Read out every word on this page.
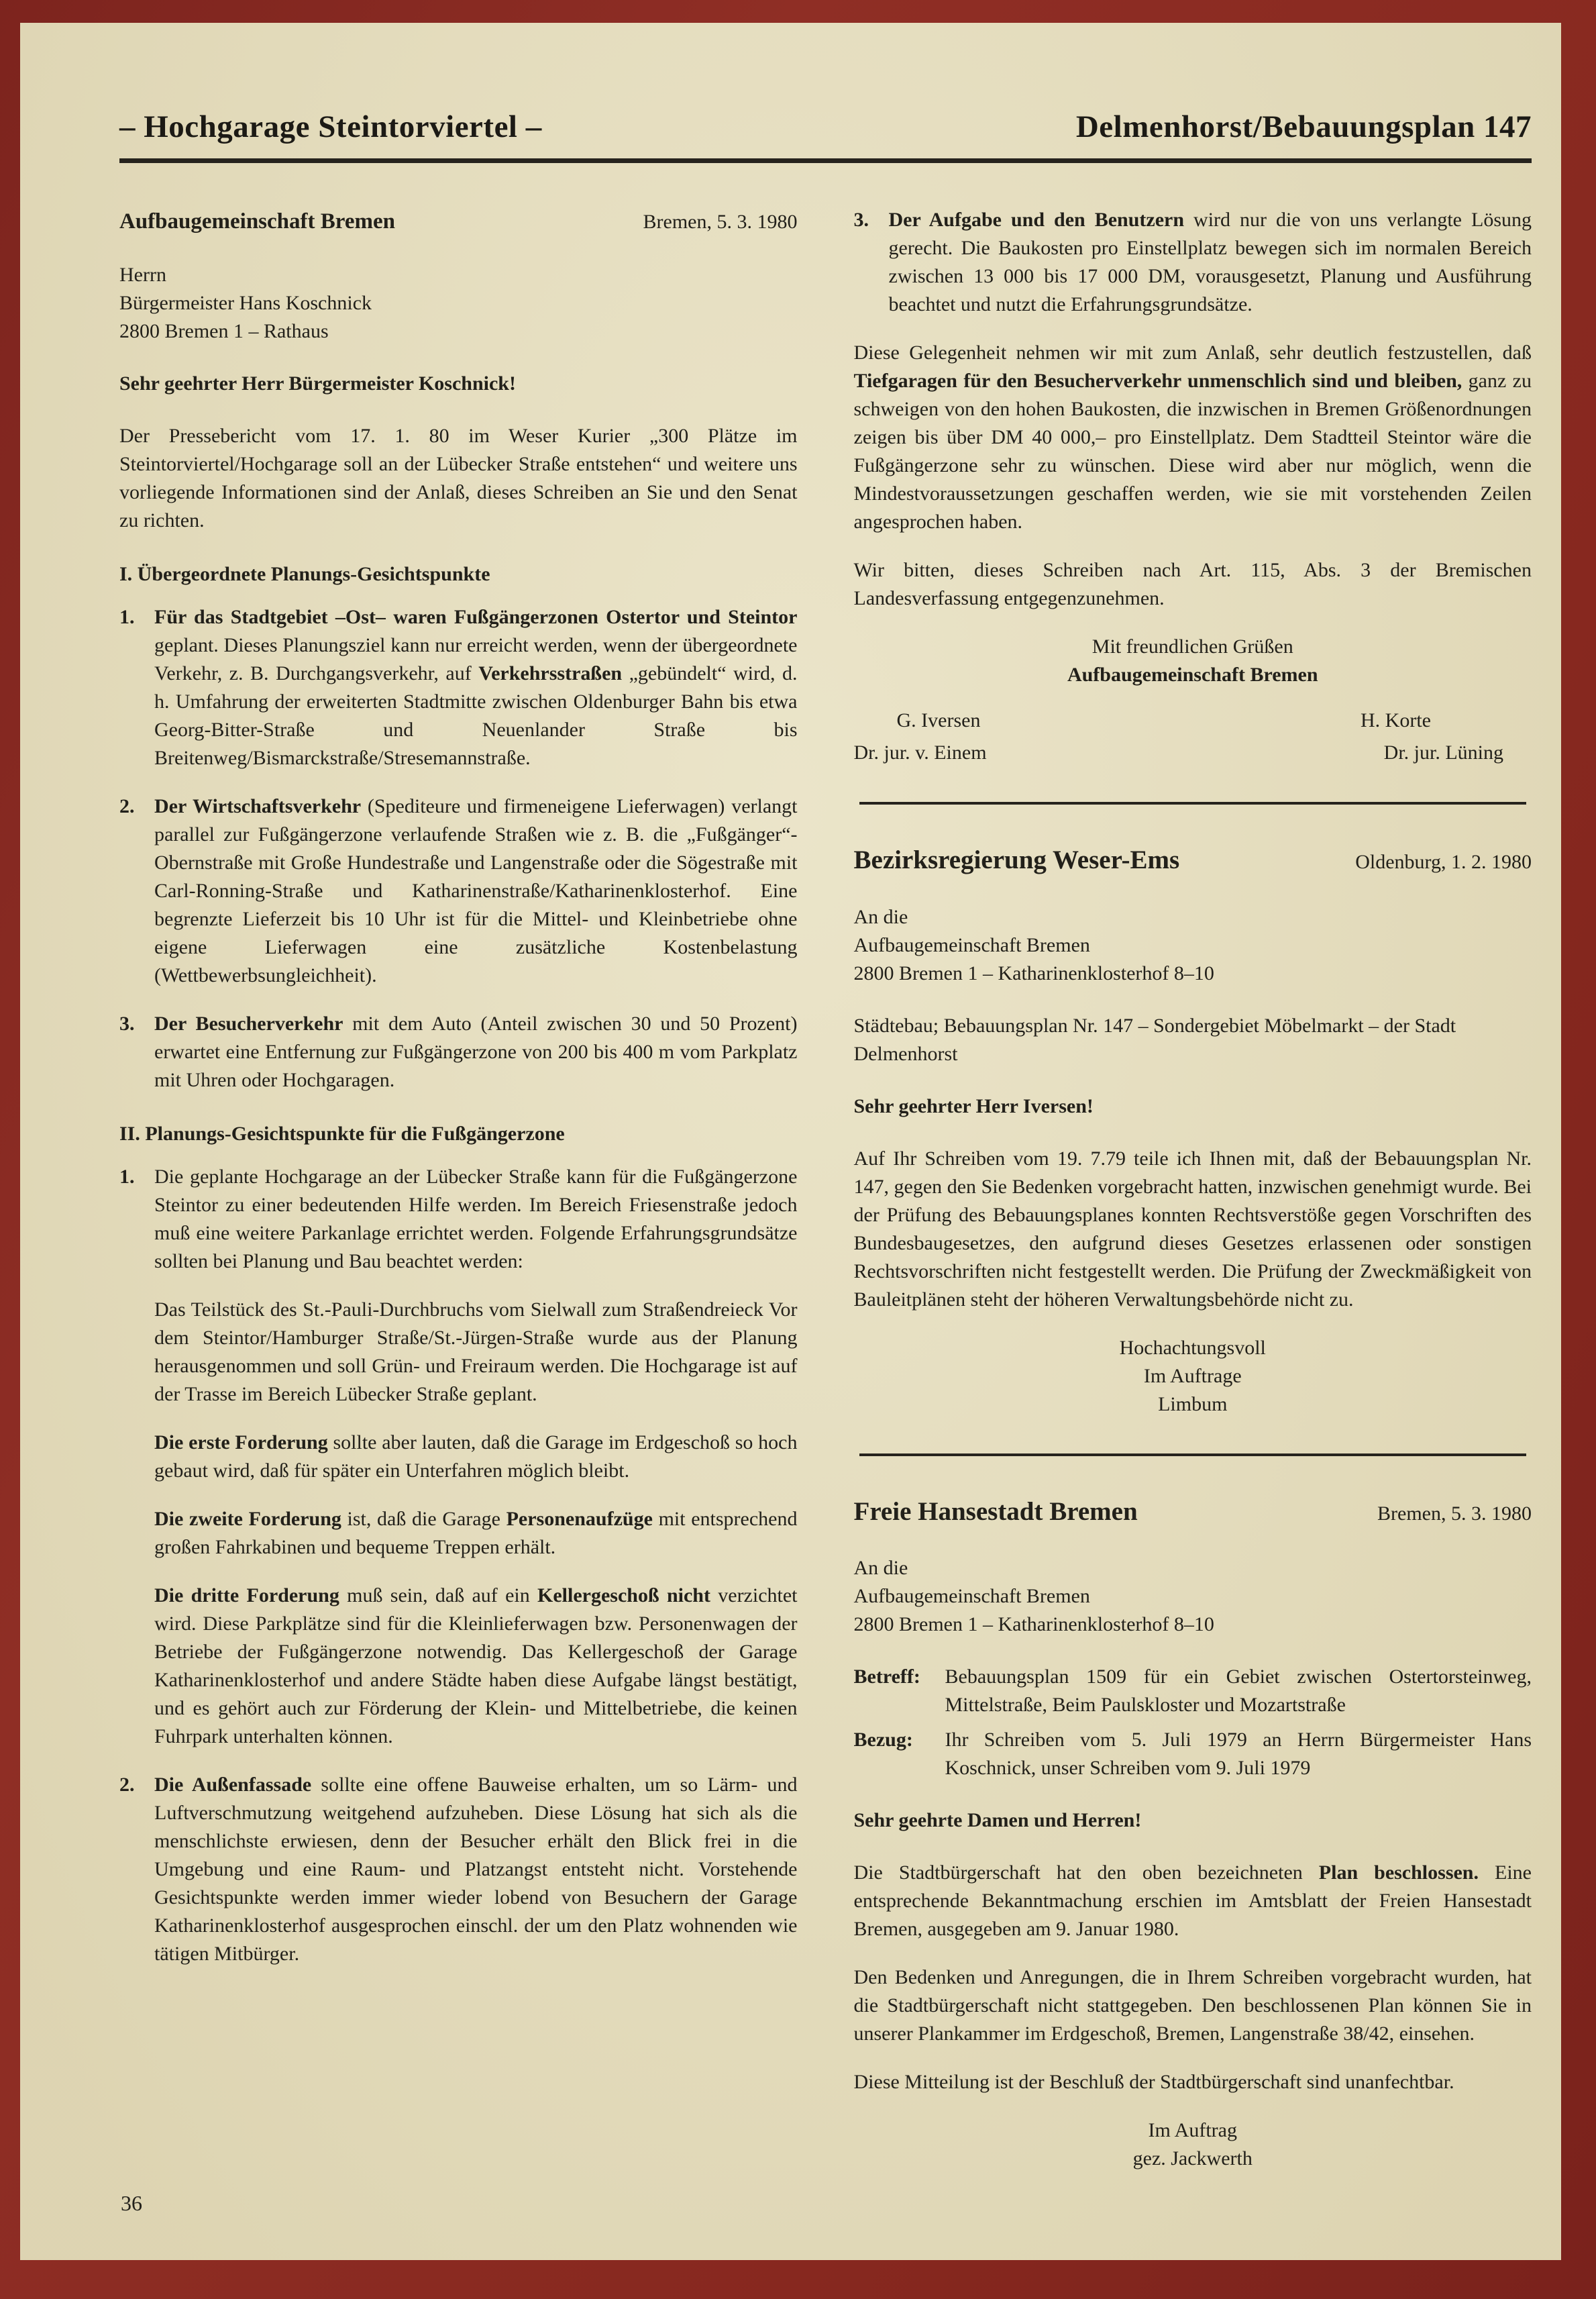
– Hochgarage Steintorviertel –	Delmenhorst/Bebauungsplan 147
Aufbaugemeinschaft Bremen	Bremen, 5. 3. 1980
Herrn
Bürgermeister Hans Koschnick
2800 Bremen 1 – Rathaus

Sehr geehrter Herr Bürgermeister Koschnick!

Der Pressebericht vom 17. 1. 80 im Weser Kurier „300 Plätze im Steintorviertel/Hochgarage soll an der Lübecker Straße entstehen“ und weitere uns vorliegende Informationen sind der Anlaß, dieses Schreiben an Sie und den Senat zu richten.

I. Übergeordnete Planungs-Gesichtspunkte

1. Für das Stadtgebiet –Ost– waren Fußgängerzonen Ostertor und Steintor geplant. Dieses Planungsziel kann nur erreicht werden, wenn der übergeordnete Verkehr, z. B. Durchgangsverkehr, auf Verkehrsstraßen „gebündelt“ wird, d. h. Umfahrung der erweiterten Stadtmitte zwischen Oldenburger Bahn bis etwa Georg-Bitter-Straße und Neuenlander Straße bis Breitenweg/Bismarckstraße/Stresemannstraße.
2. Der Wirtschaftsverkehr (Spediteure und firmeneigene Lieferwagen) verlangt parallel zur Fußgängerzone verlaufende Straßen wie z. B. die „Fußgänger“-Obernstraße mit Große Hundestraße und Langenstraße oder die Sögestraße mit Carl-Ronning-Straße und Katharinenstraße/Katharinenklosterhof. Eine begrenzte Lieferzeit bis 10 Uhr ist für die Mittel- und Kleinbetriebe ohne eigene Lieferwagen eine zusätzliche Kostenbelastung (Wettbewerbsungleichheit).
3. Der Besucherverkehr mit dem Auto (Anteil zwischen 30 und 50 Prozent) erwartet eine Entfernung zur Fußgängerzone von 200 bis 400 m vom Parkplatz mit Uhren oder Hochgaragen.

II. Planungs-Gesichtspunkte für die Fußgängerzone

1. Die geplante Hochgarage an der Lübecker Straße kann für die Fußgängerzone Steintor zu einer bedeutenden Hilfe werden. Im Bereich Friesenstraße jedoch muß eine weitere Parkanlage errichtet werden. Folgende Erfahrungsgrundsätze sollten bei Planung und Bau beachtet werden:

Das Teilstück des St.-Pauli-Durchbruchs vom Sielwall zum Straßendreieck Vor dem Steintor/Hamburger Straße/St.-Jürgen-Straße wurde aus der Planung herausgenommen und soll Grün- und Freiraum werden. Die Hochgarage ist auf der Trasse im Bereich Lübecker Straße geplant.

Die erste Forderung sollte aber lauten, daß die Garage im Erdgeschoß so hoch gebaut wird, daß für später ein Unterfahren möglich bleibt.

Die zweite Forderung ist, daß die Garage Personenaufzüge mit entsprechend großen Fahrkabinen und bequeme Treppen erhält.

Die dritte Forderung muß sein, daß auf ein Kellergeschoß nicht verzichtet wird. Diese Parkplätze sind für die Kleinlieferwagen bzw. Personenwagen der Betriebe der Fußgängerzone notwendig. Das Kellergeschoß der Garage Katharinenklosterhof und andere Städte haben diese Aufgabe längst bestätigt, und es gehört auch zur Förderung der Klein- und Mittelbetriebe, die keinen Fuhrpark unterhalten können.

2. Die Außenfassade sollte eine offene Bauweise erhalten, um so Lärm- und Luftverschmutzung weitgehend aufzuheben. Diese Lösung hat sich als die menschlichste erwiesen, denn der Besucher erhält den Blick frei in die Umgebung und eine Raum- und Platzangst entsteht nicht. Vorstehende Gesichtspunkte werden immer wieder lobend von Besuchern der Garage Katharinenklosterhof ausgesprochen einschl. der um den Platz wohnenden wie tätigen Mitbürger.
3. Der Aufgabe und den Benutzern wird nur die von uns verlangte Lösung gerecht. Die Baukosten pro Einstellplatz bewegen sich im normalen Bereich zwischen 13 000 bis 17 000 DM, vorausgesetzt, Planung und Ausführung beachtet und nutzt die Erfahrungsgrundsätze.

Diese Gelegenheit nehmen wir mit zum Anlaß, sehr deutlich festzustellen, daß Tiefgaragen für den Besucherverkehr unmenschlich sind und bleiben, ganz zu schweigen von den hohen Baukosten, die inzwischen in Bremen Größenordnungen zeigen bis über DM 40 000,– pro Einstellplatz. Dem Stadtteil Steintor wäre die Fußgängerzone sehr zu wünschen. Diese wird aber nur möglich, wenn die Mindestvoraussetzungen geschaffen werden, wie sie mit vorstehenden Zeilen angesprochen haben.

Wir bitten, dieses Schreiben nach Art. 115, Abs. 3 der Bremischen Landesverfassung entgegenzunehmen.

Mit freundlichen Grüßen
Aufbaugemeinschaft Bremen
G. Iversen	H. Korte
Dr. jur. v. Einem	Dr. jur. Lüning
Bezirksregierung Weser-Ems	Oldenburg, 1. 2. 1980
An die
Aufbaugemeinschaft Bremen
2800 Bremen 1 – Katharinenklosterhof 8–10

Städtebau; Bebauungsplan Nr. 147 – Sondergebiet Möbelmarkt – der Stadt Delmenhorst

Sehr geehrter Herr Iversen!

Auf Ihr Schreiben vom 19. 7.79 teile ich Ihnen mit, daß der Bebauungsplan Nr. 147, gegen den Sie Bedenken vorgebracht hatten, inzwischen genehmigt wurde. Bei der Prüfung des Bebauungsplanes konnten Rechtsverstöße gegen Vorschriften des Bundesbaugesetzes, den aufgrund dieses Gesetzes erlassenen oder sonstigen Rechtsvorschriften nicht festgestellt werden. Die Prüfung der Zweckmäßigkeit von Bauleitplänen steht der höheren Verwaltungsbehörde nicht zu.

Hochachtungsvoll
Im Auftrage
Limbum
Freie Hansestadt Bremen	Bremen, 5. 3. 1980
An die
Aufbaugemeinschaft Bremen
2800 Bremen 1 – Katharinenklosterhof 8–10
Betreff:	Bebauungsplan 1509 für ein Gebiet zwischen Ostertorsteinweg, Mittelstraße, Beim Paulskloster und Mozartstraße
Bezug:	Ihr Schreiben vom 5. Juli 1979 an Herrn Bürgermeister Hans Koschnick, unser Schreiben vom 9. Juli 1979

Sehr geehrte Damen und Herren!

Die Stadtbürgerschaft hat den oben bezeichneten Plan beschlossen. Eine entsprechende Bekanntmachung erschien im Amtsblatt der Freien Hansestadt Bremen, ausgegeben am 9. Januar 1980.

Den Bedenken und Anregungen, die in Ihrem Schreiben vorgebracht wurden, hat die Stadtbürgerschaft nicht stattgegeben. Den beschlossenen Plan können Sie in unserer Plankammer im Erdgeschoß, Bremen, Langenstraße 38/42, einsehen.

Diese Mitteilung ist der Beschluß der Stadtbürgerschaft sind unanfechtbar.

Im Auftrag
gez. Jackwerth
36
